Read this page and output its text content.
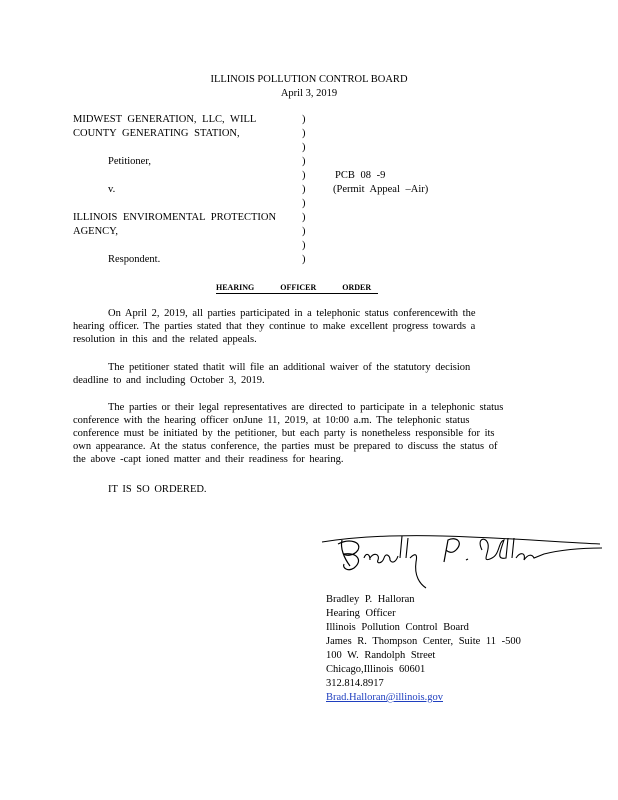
ILLINOIS POLLUTION CONTROL BOARD
April 3, 2019
MIDWEST GENERATION, LLC, WILL
COUNTY GENERATING STATION,
Petitioner,
v.
ILLINOIS ENVIROMENTAL PROTECTION
AGENCY,
Respondent.
)
)
)
)
)
)
)
)
)
)
)
PCB 08 -9
(Permit Appeal –Air)
HEARING OFFICER ORDER
On April 2, 2019, all parties participated in a telephonic status conferencewith the
hearing officer. The parties stated that they continue to make excellent progress towards a
resolution in this and the related appeals.
The petitioner stated thatit will file an additional waiver of the statutory decision
deadline to and including October 3, 2019.
The parties or their legal representatives are directed to participate in a telephonic status
conference with the hearing officer onJune 11, 2019, at 10:00 a.m. The telephonic status
conference must be initiated by the petitioner, but each party is nonetheless responsible for its
own appearance. At the status conference, the parties must be prepared to discuss the status of
the above -capt ioned matter and their readiness for hearing.
IT IS SO ORDERED.
Bradley P. Halloran
Hearing Officer
Illinois Pollution Control Board
James R. Thompson Center, Suite 11 -500
100 W. Randolph Street
Chicago,Illinois 60601
312.814.8917
Brad.Halloran@illinois.gov
